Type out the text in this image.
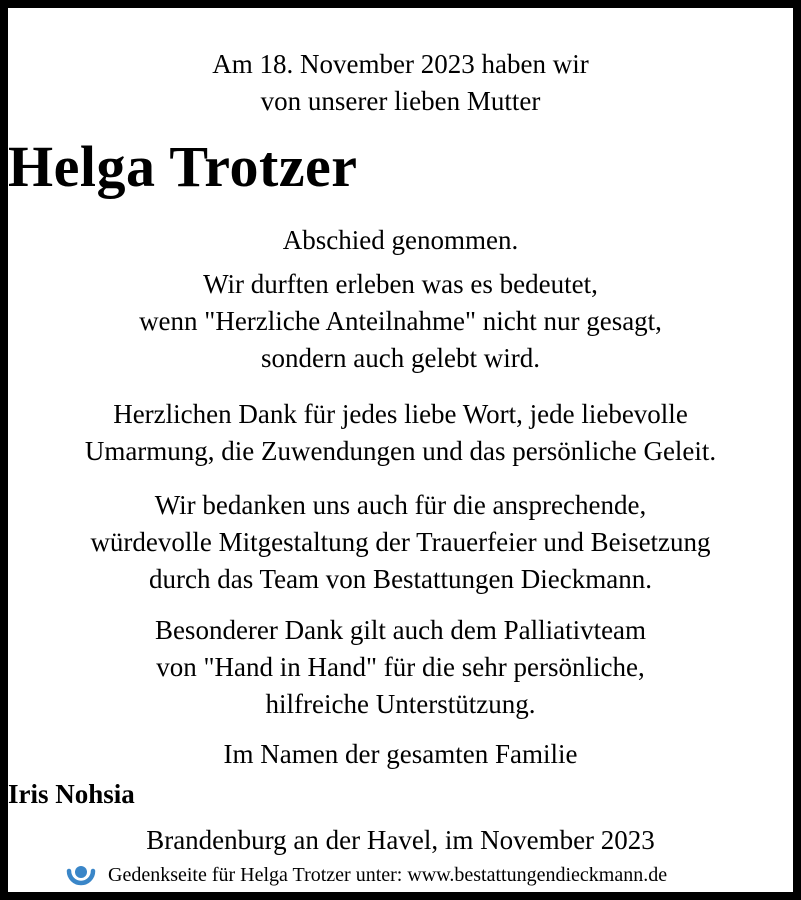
Am 18. November 2023 haben wir
von unserer lieben Mutter
Helga Trotzer
Abschied genommen.
Wir durften erleben was es bedeutet,
wenn "Herzliche Anteilnahme" nicht nur gesagt,
sondern auch gelebt wird.
Herzlichen Dank für jedes liebe Wort, jede liebevolle
Umarmung, die Zuwendungen und das persönliche Geleit.
Wir bedanken uns auch für die ansprechende,
würdevolle Mitgestaltung der Trauerfeier und Beisetzung
durch das Team von Bestattungen Dieckmann.
Besonderer Dank gilt auch dem Palliativteam
von "Hand in Hand" für die sehr persönliche,
hilfreiche Unterstützung.
Im Namen der gesamten Familie
Iris Nohsia
Brandenburg an der Havel, im November 2023
Gedenkseite für Helga Trotzer unter: www.bestattungendieckmann.de
